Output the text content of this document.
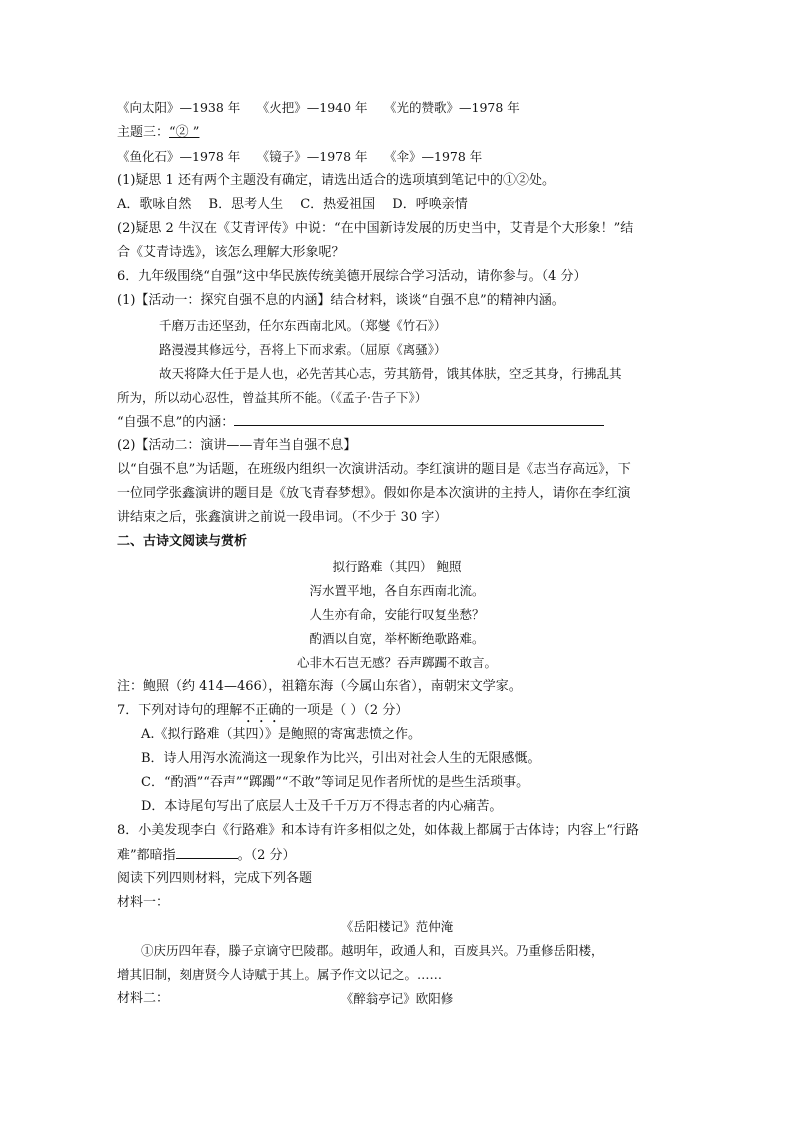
《向太阳》—1938 年　 《火把》—1940 年　 《光的赞歌》—1978 年
主题三：“② ”
《鱼化石》—1978 年　 《镜子》—1978 年　 《伞》—1978 年
(1)疑思 1 还有两个主题没有确定，请选出适合的选项填到笔记中的①②处。
A．歌咏自然　 B．思考人生　 C．热爱祖国　 D．呼唤亲情
(2)疑思 2 牛汉在《艾青评传》中说：“在中国新诗发展的历史当中，艾青是个大形象！”结
合《艾青诗选》，该怎么理解大形象呢？
6．九年级围绕“自强”这中华民族传统美德开展综合学习活动，请你参与。（4 分）
(1)【活动一：探究自强不息的内涵】结合材料，谈谈“自强不息”的精神内涵。
千磨万击还坚劲，任尔东西南北风。（郑燮《竹石》）
路漫漫其修远兮，吾将上下而求索。（屈原《离骚》）
故天将降大任于是人也，必先苦其心志，劳其筋骨，饿其体肤，空乏其身，行拂乱其
所为，所以动心忍性，曾益其所不能。（《孟子·告子下》）
“自强不息”的内涵：
(2)【活动二：演讲——青年当自强不息】
以“自强不息”为话题，在班级内组织一次演讲活动。李红演讲的题目是《志当存高远》，下
一位同学张鑫演讲的题目是《放飞青春梦想》。假如你是本次演讲的主持人，请你在李红演
讲结束之后，张鑫演讲之前说一段串词。（不少于 30 字）
二、古诗文阅读与赏析
拟行路难（其四） 鲍照
泻水置平地，各自东西南北流。
人生亦有命，安能行叹复坐愁？
酌酒以自宽，举杯断绝歌路难。
心非木石岂无感？吞声踯躅不敢言。
注：鲍照（约 414—466），祖籍东海（今属山东省），南朝宋文学家。
7．下列对诗句的理解不正确的一项是（ ）（2 分）
A.《拟行路难（其四）》是鲍照的寄寓悲愤之作。
B．诗人用泻水流淌这一现象作为比兴，引出对社会人生的无限感慨。
C．“酌酒”“吞声”“踯躅”“不敢”等词足见作者所忧的是些生活琐事。
D．本诗尾句写出了底层人士及千千万万不得志者的内心痛苦。
8．小美发现李白《行路难》和本诗有许多相似之处，如体裁上都属于古体诗；内容上“行路
难”都暗指	。（2 分）
阅读下列四则材料，完成下列各题
材料一：
《岳阳楼记》范仲淹
①庆历四年春，滕子京谪守巴陵郡。越明年，政通人和，百废具兴。乃重修岳阳楼，
增其旧制，刻唐贤今人诗赋于其上。属予作文以记之。……
材料二：	《醉翁亭记》欧阳修
